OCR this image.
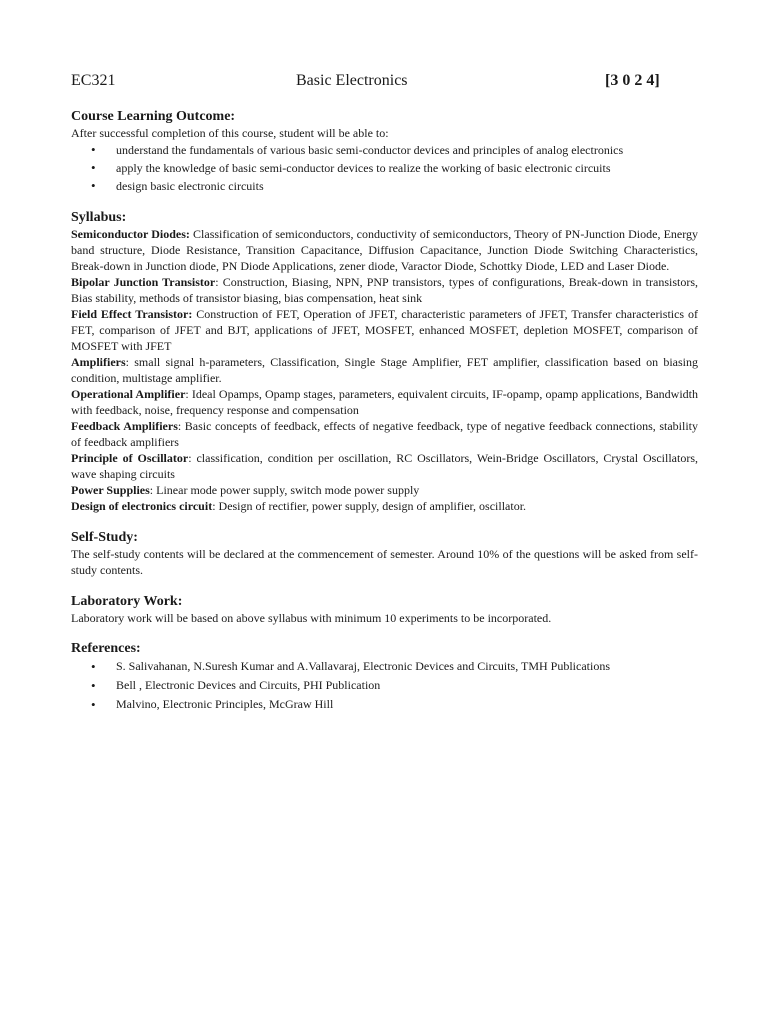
EC321	Basic Electronics	[3 0 2 4]
Course Learning Outcome:

After successful completion of this course, student will be able to:

• understand the fundamentals of various basic semi-conductor devices and principles of analog electronics
• apply the knowledge of basic semi-conductor devices to realize the working of basic electronic circuits
• design basic electronic circuits
Syllabus:

Semiconductor Diodes: Classification of semiconductors, conductivity of semiconductors, Theory of PN-Junction Diode, Energy band structure, Diode Resistance, Transition Capacitance, Diffusion Capacitance, Junction Diode Switching Characteristics, Break-down in Junction diode, PN Diode Applications, zener diode, Varactor Diode, Schottky Diode, LED and Laser Diode.

Bipolar Junction Transistor: Construction, Biasing, NPN, PNP transistors, types of configurations, Break-down in transistors, Bias stability, methods of transistor biasing, bias compensation, heat sink

Field Effect Transistor: Construction of FET, Operation of JFET, characteristic parameters of JFET, Transfer characteristics of FET, comparison of JFET and BJT, applications of JFET, MOSFET, enhanced MOSFET, depletion MOSFET, comparison of MOSFET with JFET

Amplifiers: small signal h-parameters, Classification, Single Stage Amplifier, FET amplifier, classification based on biasing condition, multistage amplifier.

Operational Amplifier: Ideal Opamps, Opamp stages, parameters, equivalent circuits, IF-opamp, opamp applications, Bandwidth with feedback, noise, frequency response and compensation

Feedback Amplifiers: Basic concepts of feedback, effects of negative feedback, type of negative feedback connections, stability of feedback amplifiers

Principle of Oscillator: classification, condition per oscillation, RC Oscillators, Wein-Bridge Oscillators, Crystal Oscillators, wave shaping circuits

Power Supplies: Linear mode power supply, switch mode power supply

Design of electronics circuit: Design of rectifier, power supply, design of amplifier, oscillator.

Self-Study:

The self-study contents will be declared at the commencement of semester. Around 10% of the questions will be asked from self-study contents.

Laboratory Work:

Laboratory work will be based on above syllabus with minimum 10 experiments to be incorporated.

References:
• S. Salivahanan, N.Suresh Kumar and A.Vallavaraj, Electronic Devices and Circuits, TMH Publications
• Bell , Electronic Devices and Circuits, PHI Publication
• Malvino, Electronic Principles, McGraw Hill
